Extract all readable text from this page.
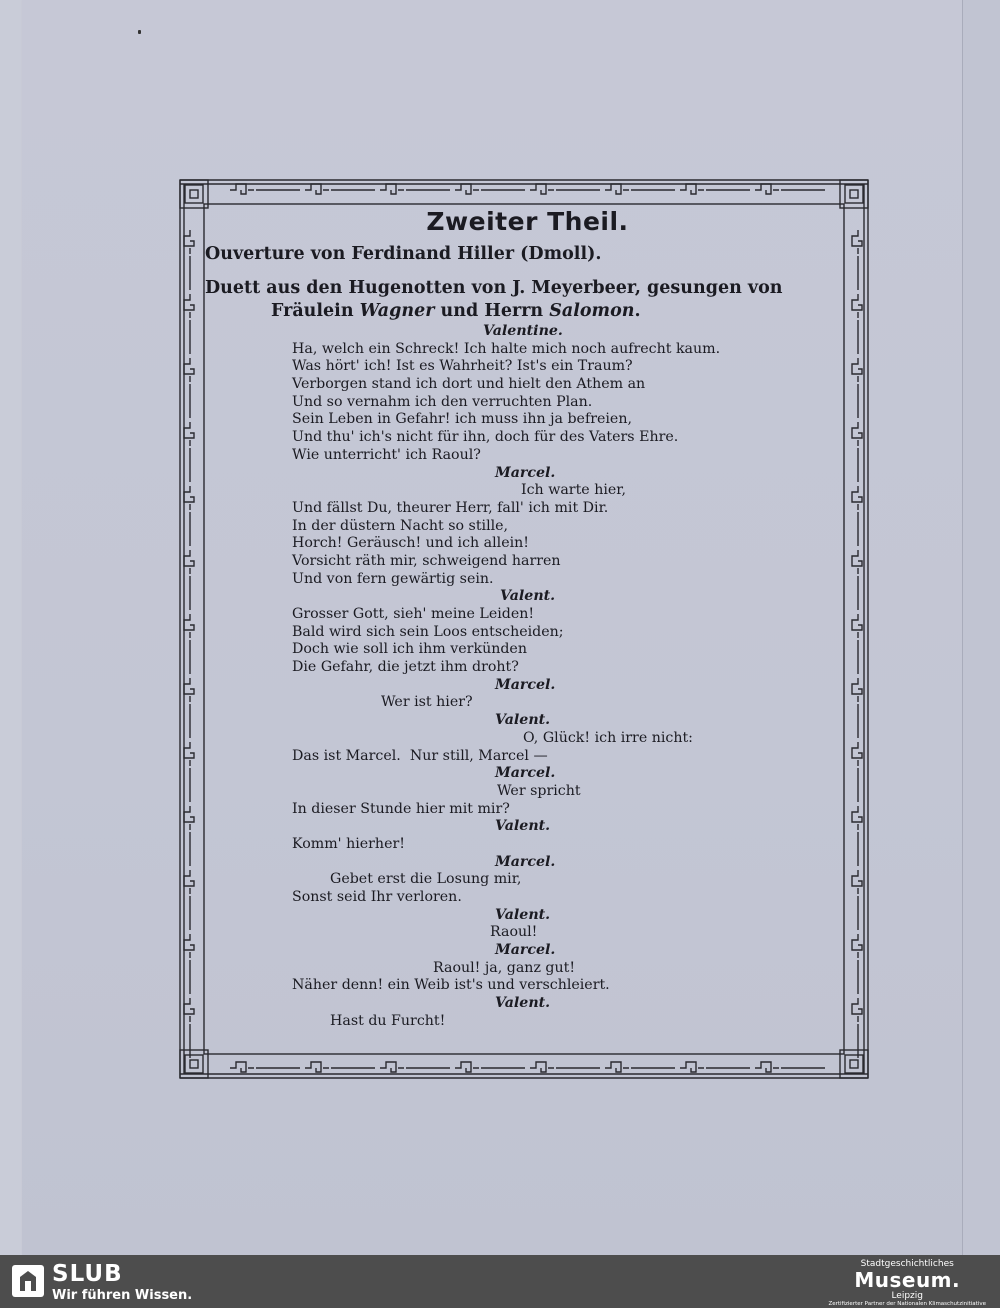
Zweiter Theil.

Ouverture von Ferdinand Hiller (Dmoll).

Duett aus den Hugenotten von J. Meyerbeer, gesungen von
Fräulein Wagner und Herrn Salomon.

Valentine.
Ha, welch ein Schreck! Ich halte mich noch aufrecht kaum.
Was hört' ich! Ist es Wahrheit? Ist's ein Traum?
Verborgen stand ich dort und hielt den Athem an
Und so vernahm ich den verruchten Plan.
Sein Leben in Gefahr! ich muss ihn ja befreien,
Und thu' ich's nicht für ihn, doch für des Vaters Ehre.
Wie unterricht' ich Raoul?
Marcel.
Ich warte hier,
Und fällst Du, theurer Herr, fall' ich mit Dir.
In der düstern Nacht so stille,
Horch! Geräusch! und ich allein!
Vorsicht räth mir, schweigend harren
Und von fern gewärtig sein.
Valent.
Grosser Gott, sieh' meine Leiden!
Bald wird sich sein Loos entscheiden;
Doch wie soll ich ihm verkünden
Die Gefahr, die jetzt ihm droht?
Marcel.
Wer ist hier?
Valent.
O, Glück! ich irre nicht:
Das ist Marcel.  Nur still, Marcel —
Marcel.
Wer spricht
In dieser Stunde hier mit mir?
Valent.
Komm' hierher!
Marcel.
Gebet erst die Losung mir,
Sonst seid Ihr verloren.
Valent.
Raoul!
Marcel.
Raoul! ja, ganz gut!
Näher denn! ein Weib ist's und verschleiert.
Valent.
Hast du Furcht!
SLUB
Wir führen Wissen.
Stadtgeschichtliches
Museum.
Leipzig
Zertifizierter Partner der Nationalen Klimaschutzinitiative
